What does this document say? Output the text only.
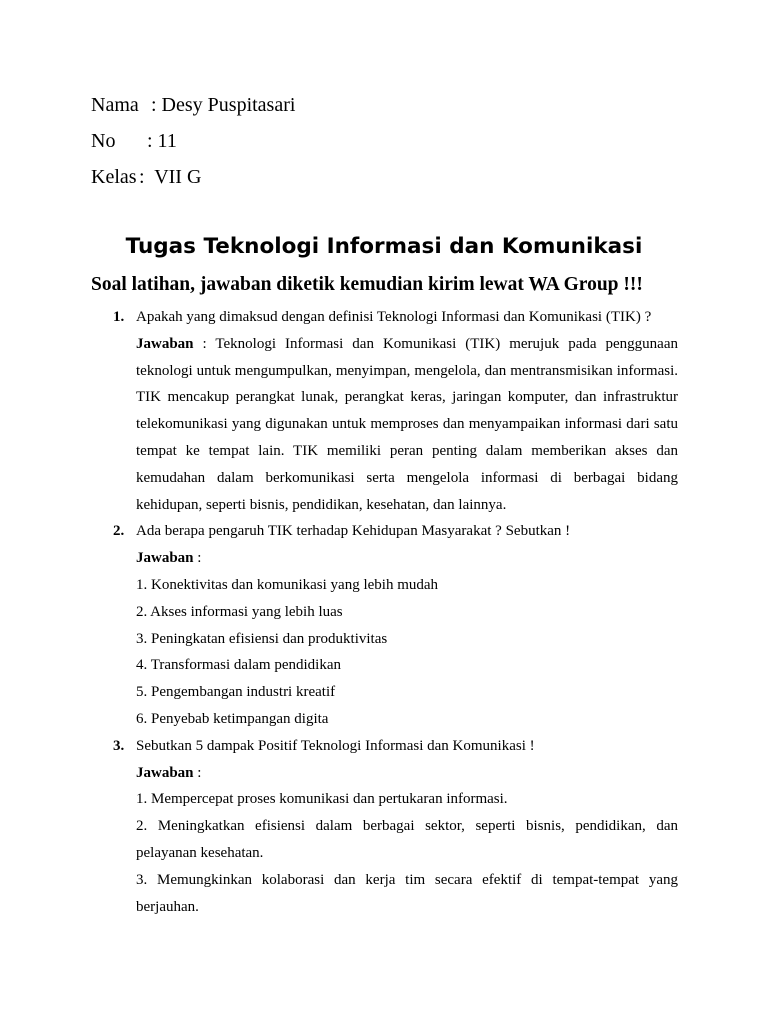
Nama : Desy Puspitasari
No : 11
Kelas :  VII G
Tugas Teknologi Informasi dan Komunikasi
Soal latihan, jawaban diketik kemudian kirim lewat WA Group !!!
1. Apakah yang dimaksud dengan definisi Teknologi Informasi dan Komunikasi (TIK) ?
Jawaban : Teknologi Informasi dan Komunikasi (TIK) merujuk pada penggunaan teknologi untuk mengumpulkan, menyimpan, mengelola, dan mentransmisikan informasi. TIK mencakup perangkat lunak, perangkat keras, jaringan komputer, dan infrastruktur telekomunikasi yang digunakan untuk memproses dan menyampaikan informasi dari satu tempat ke tempat lain. TIK memiliki peran penting dalam memberikan akses dan kemudahan dalam berkomunikasi serta mengelola informasi di berbagai bidang kehidupan, seperti bisnis, pendidikan, kesehatan, dan lainnya.
2. Ada berapa pengaruh TIK terhadap Kehidupan Masyarakat ? Sebutkan !
Jawaban :
1. Konektivitas dan komunikasi yang lebih mudah
2. Akses informasi yang lebih luas
3. Peningkatan efisiensi dan produktivitas
4. Transformasi dalam pendidikan
5. Pengembangan industri kreatif
6. Penyebab ketimpangan digita
3. Sebutkan 5 dampak Positif Teknologi Informasi dan Komunikasi !
Jawaban :
1. Mempercepat proses komunikasi dan pertukaran informasi.
2. Meningkatkan efisiensi dalam berbagai sektor, seperti bisnis, pendidikan, dan pelayanan kesehatan.
3. Memungkinkan kolaborasi dan kerja tim secara efektif di tempat-tempat yang berjauhan.
